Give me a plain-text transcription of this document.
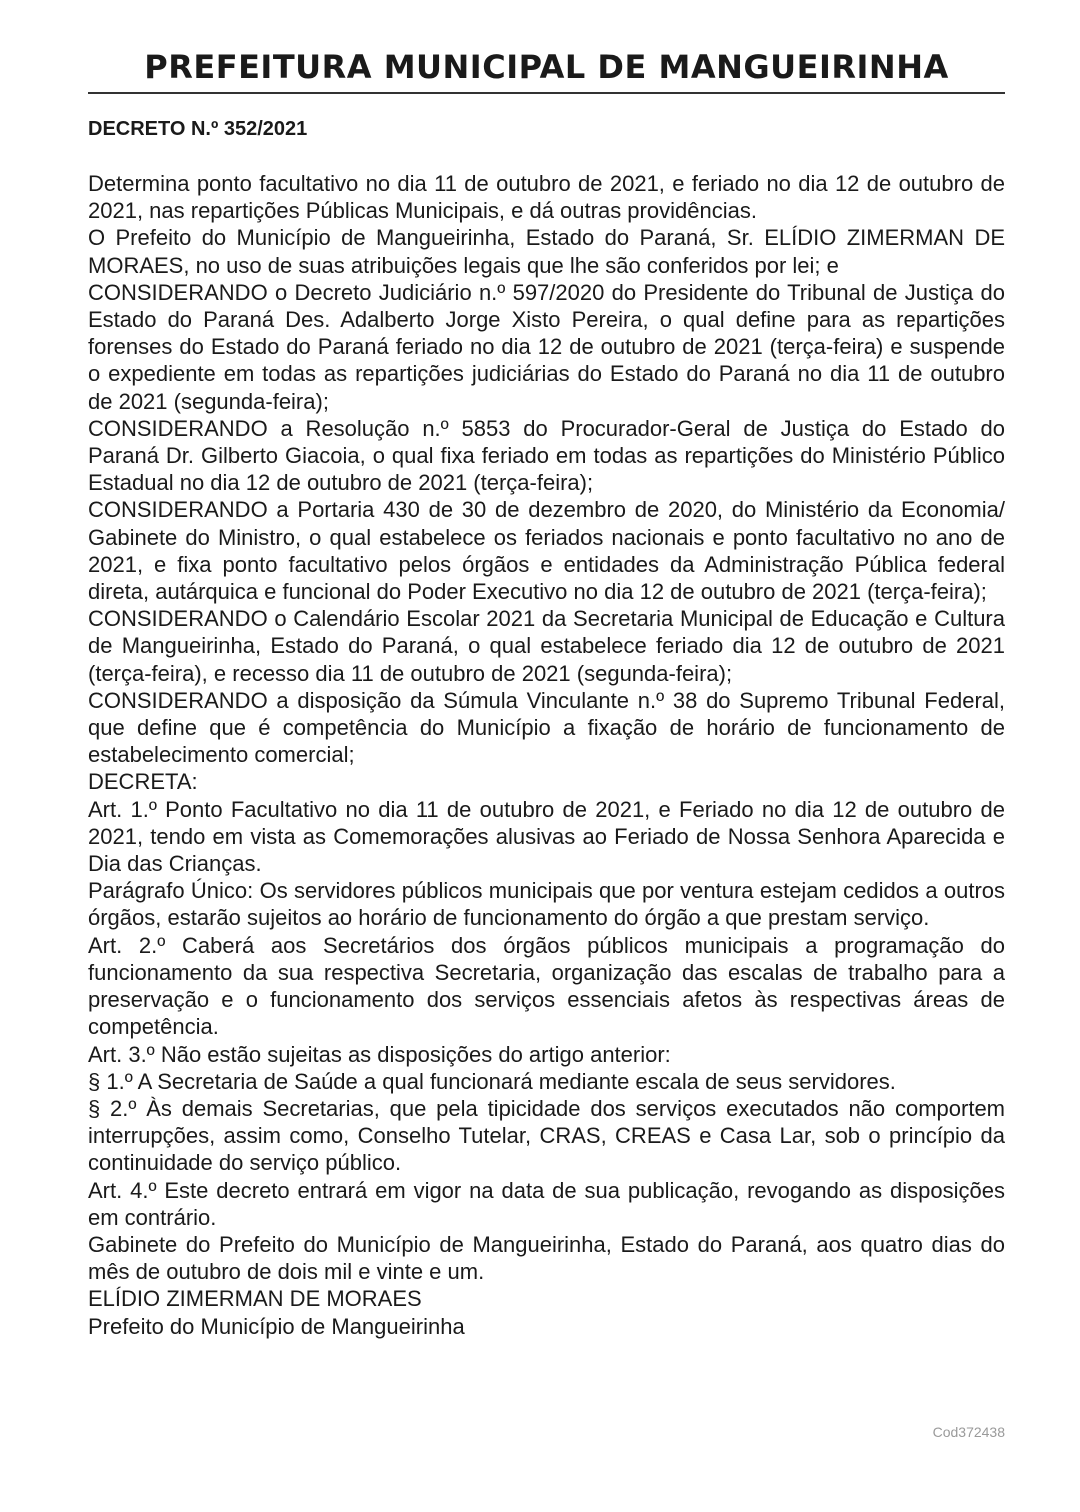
PREFEITURA MUNICIPAL DE MANGUEIRINHA
DECRETO N.º 352/2021

Determina ponto facultativo no dia 11 de outubro de 2021, e feriado no dia 12 de outubro de 2021, nas repartições Públicas Municipais, e dá outras providências.

O Prefeito do Município de Mangueirinha, Estado do Paraná, Sr. ELÍDIO ZIMERMAN DE MORAES, no uso de suas atribuições legais que lhe são conferidos por lei; e

CONSIDERANDO o Decreto Judiciário n.º 597/2020 do Presidente do Tribunal de Justiça do Estado do Paraná Des. Adalberto Jorge Xisto Pereira, o qual define para as repartições forenses do Estado do Paraná feriado no dia 12 de outubro de 2021 (terça-feira) e suspende o expediente em todas as repartições judiciárias do Estado do Paraná no dia 11 de outubro de 2021 (segunda-feira);

CONSIDERANDO a Resolução n.º 5853 do Procurador-Geral de Justiça do Estado do Paraná Dr. Gilberto Giacoia, o qual fixa feriado em todas as repartições do Ministério Público Estadual no dia 12 de outubro de 2021 (terça-feira);

CONSIDERANDO a Portaria 430 de 30 de dezembro de 2020, do Ministério da Economia/ Gabinete do Ministro, o qual estabelece os feriados nacionais e ponto facultativo no ano de 2021, e fixa ponto facultativo pelos órgãos e entidades da Administração Pública federal direta, autárquica e funcional do Poder Executivo no dia 12 de outubro de 2021 (terça-feira);

CONSIDERANDO o Calendário Escolar 2021 da Secretaria Municipal de Educação e Cultura de Mangueirinha, Estado do Paraná, o qual estabelece feriado dia 12 de outubro de 2021 (terça-feira), e recesso dia 11 de outubro de 2021 (segunda-feira);

CONSIDERANDO a disposição da Súmula Vinculante n.º 38 do Supremo Tribunal Federal, que define que é competência do Município a fixação de horário de funcionamento de estabelecimento comercial;

DECRETA:

Art. 1.º Ponto Facultativo no dia 11 de outubro de 2021, e Feriado no dia 12 de outubro de 2021, tendo em vista as Comemorações alusivas ao Feriado de Nossa Senhora Aparecida e Dia das Crianças.

Parágrafo Único: Os servidores públicos municipais que por ventura estejam cedidos a outros órgãos, estarão sujeitos ao horário de funcionamento do órgão a que prestam serviço.

Art. 2.º Caberá aos Secretários dos órgãos públicos municipais a programação do funcionamento da sua respectiva Secretaria, organização das escalas de trabalho para a preservação e o funcionamento dos serviços essenciais afetos às respectivas áreas de competência.

Art. 3.º Não estão sujeitas as disposições do artigo anterior:

§ 1.º A Secretaria de Saúde a qual funcionará mediante escala de seus servidores.

§ 2.º Às demais Secretarias, que pela tipicidade dos serviços executados não comportem interrupções, assim como, Conselho Tutelar, CRAS, CREAS e Casa Lar, sob o princípio da continuidade do serviço público.

Art. 4.º Este decreto entrará em vigor na data de sua publicação, revogando as disposições em contrário.

Gabinete do Prefeito do Município de Mangueirinha, Estado do Paraná, aos quatro dias do mês de outubro de dois mil e vinte e um.

ELÍDIO ZIMERMAN DE MORAES

Prefeito do Município de Mangueirinha

Cod372438
